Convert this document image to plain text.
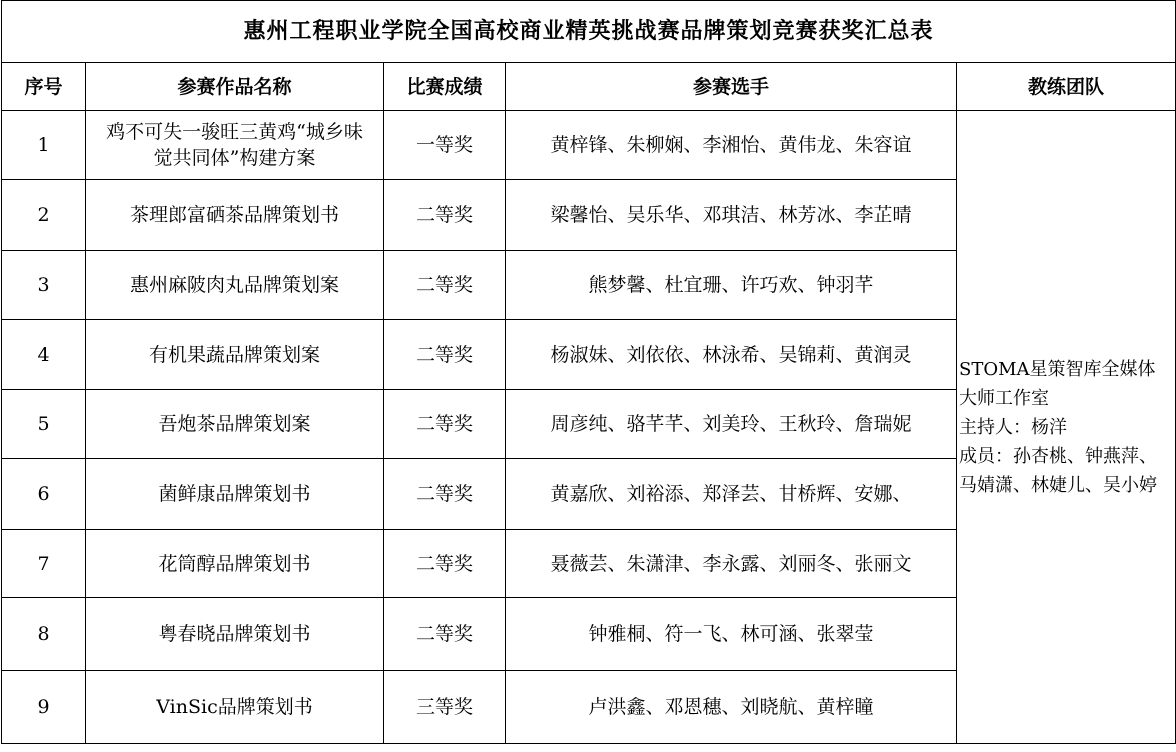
惠州工程职业学院全国高校商业精英挑战赛品牌策划竞赛获奖汇总表				
序号	参赛作品名称	比赛成绩	参赛选手	教练团队
1	鸡不可失一骏旺三黄鸡“城乡味觉共同体”构建方案	一等奖	黄梓锋、朱柳娴、李湘怡、黄伟龙、朱容谊	STOMA星策智库全媒体大师工作室
主持人：杨洋
成员：孙杏桃、钟燕萍、马婧潇、林婕儿、吴小婷

2	茶理郎富硒茶品牌策划书	二等奖	梁馨怡、吴乐华、邓琪洁、林芳冰、李芷晴	
3	惠州麻陂肉丸品牌策划案	二等奖	熊梦馨、杜宜珊、许巧欢、钟羽芊	
4	有机果蔬品牌策划案	二等奖	杨淑妹、刘依依、林泳希、吴锦莉、黄润灵	
5	吾炮茶品牌策划案	二等奖	周彦纯、骆芊芊、刘美玲、王秋玲、詹瑞妮	
6	菌鲜康品牌策划书	二等奖	黄嘉欣、刘裕添、郑泽芸、甘桥辉、安娜、	
7	花筒醇品牌策划书	二等奖	聂薇芸、朱潇津、李永露、刘丽冬、张丽文	
8	粤春晓品牌策划书	二等奖	钟雅桐、符一飞、林可涵、张翠莹	
9	VinSic品牌策划书	三等奖	卢洪鑫、邓恩穗、刘晓航、黄梓瞳	
